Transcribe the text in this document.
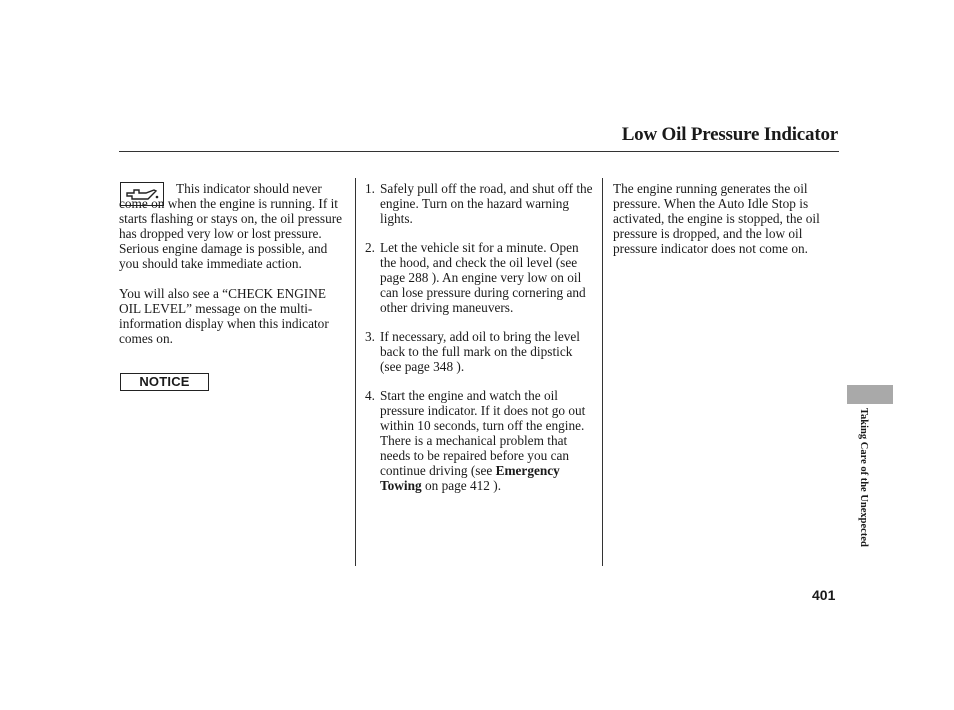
Low Oil Pressure Indicator

This indicator should never come on when the engine is running. If it starts flashing or stays on, the oil pressure has dropped very low or lost pressure. Serious engine damage is possible, and you should take immediate action.

You will also see a “CHECK ENGINE OIL LEVEL” message on the multi-information display when this indicator comes on.

NOTICE
1. Safely pull off the road, and shut off the engine. Turn on the hazard warning lights.
2. Let the vehicle sit for a minute. Open the hood, and check the oil level (see page 288 ). An engine very low on oil can lose pressure during cornering and other driving maneuvers.
3. If necessary, add oil to bring the level back to the full mark on the dipstick (see page 348 ).
4. Start the engine and watch the oil pressure indicator. If it does not go out within 10 seconds, turn off the engine. There is a mechanical problem that needs to be repaired before you can continue driving (see Emergency Towing on page 412 ).

The engine running generates the oil pressure. When the Auto Idle Stop is activated, the engine is stopped, the oil pressure is dropped, and the low oil pressure indicator does not come on.

Taking Care of the Unexpected
401
